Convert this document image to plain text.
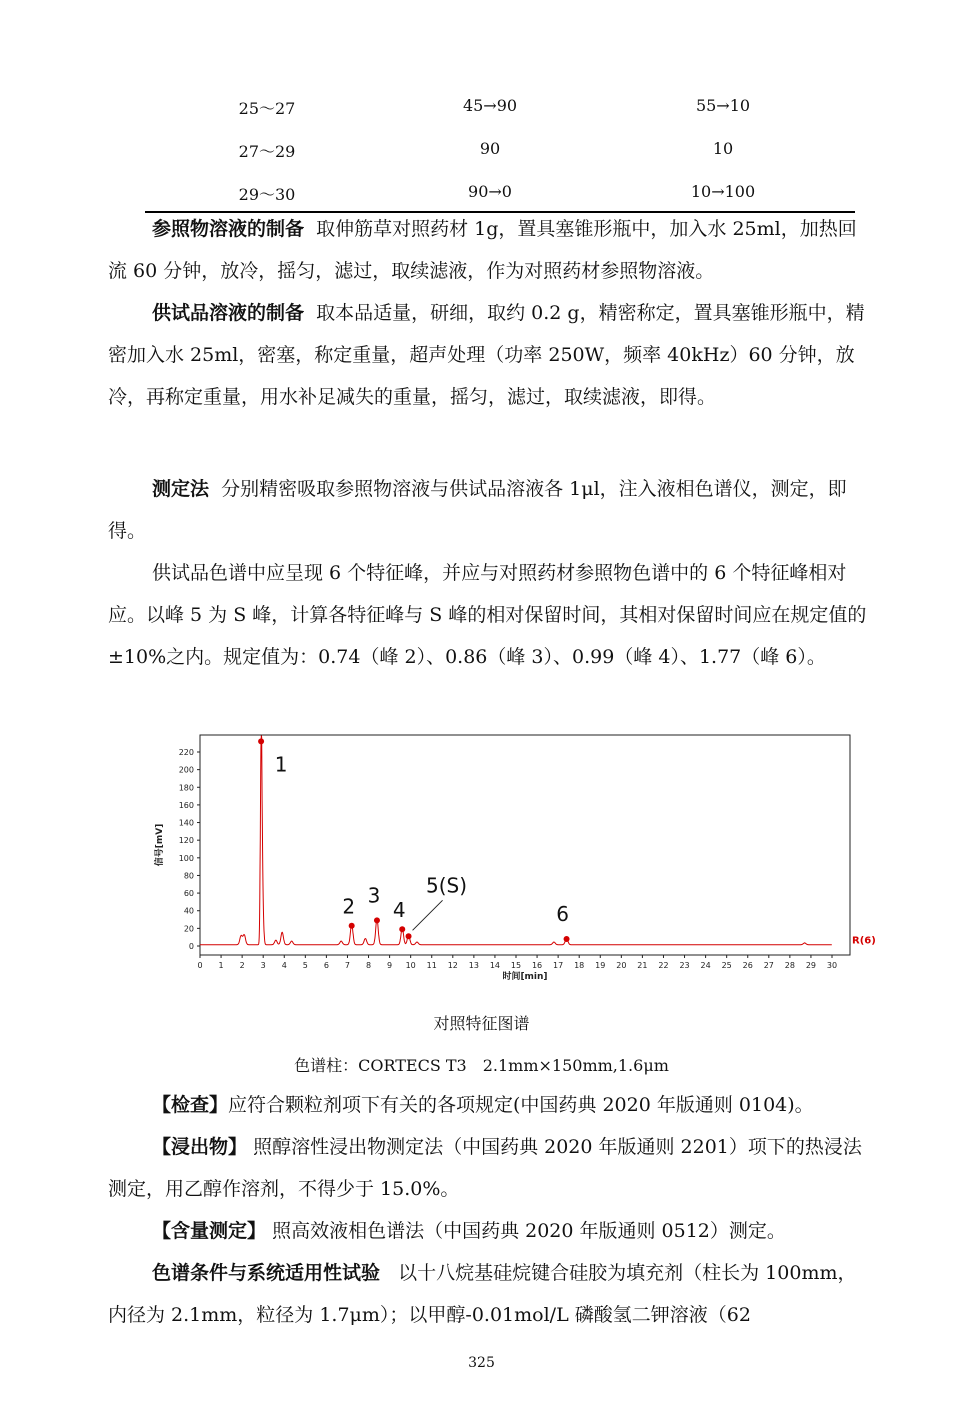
25～27	45→90	55→10
27～29	90	10
29～30	90→0	10→100

参照物溶液的制备 取伸筋草对照药材 1g，置具塞锥形瓶中，加入水 25ml，加热回流 60 分钟，放冷，摇匀，滤过，取续滤液，作为对照药材参照物溶液。

供试品溶液的制备 取本品适量，研细，取约 0.2 g，精密称定，置具塞锥形瓶中，精密加入水 25ml，密塞，称定重量，超声处理（功率 250W，频率 40kHz）60 分钟，放冷，再称定重量，用水补足减失的重量，摇匀，滤过，取续滤液，即得。

测定法 分别精密吸取参照物溶液与供试品溶液各 1μl，注入液相色谱仪，测定，即得。

供试品色谱中应呈现 6 个特征峰，并应与对照药材参照物色谱中的 6 个特征峰相对应。以峰 5 为 S 峰，计算各特征峰与 S 峰的相对保留时间，其相对保留时间应在规定值的±10%之内。规定值为：0.74（峰 2）、0.86（峰 3）、0.99（峰 4）、1.77（峰 6）。

0
20
40
60
80
100
120
140
160
180
200
220
0 1 2 3 4 5 6 7 8 9 10 11 12 13 14 15 16 17 18 19 20 21 22 23 24 25 26 27 28 29 30
时间[min]
信号[mV]
1
2 3
4
5(S)
6
R(6)
对照特征图谱
色谱柱：CORTECS T3　2.1mm×150mm,1.6μm

【检查】应符合颗粒剂项下有关的各项规定(中国药典 2020 年版通则 0104)。

【浸出物】 照醇溶性浸出物测定法（中国药典 2020 年版通则 2201）项下的热浸法测定，用乙醇作溶剂，不得少于 15.0%。

【含量测定】 照高效液相色谱法（中国药典 2020 年版通则 0512）测定。

色谱条件与系统适用性试验 以十八烷基硅烷键合硅胶为填充剂（柱长为 100mm，内径为 2.1mm，粒径为 1.7μm）；以甲醇-0.01mol/L 磷酸氢二钾溶液（62

325
